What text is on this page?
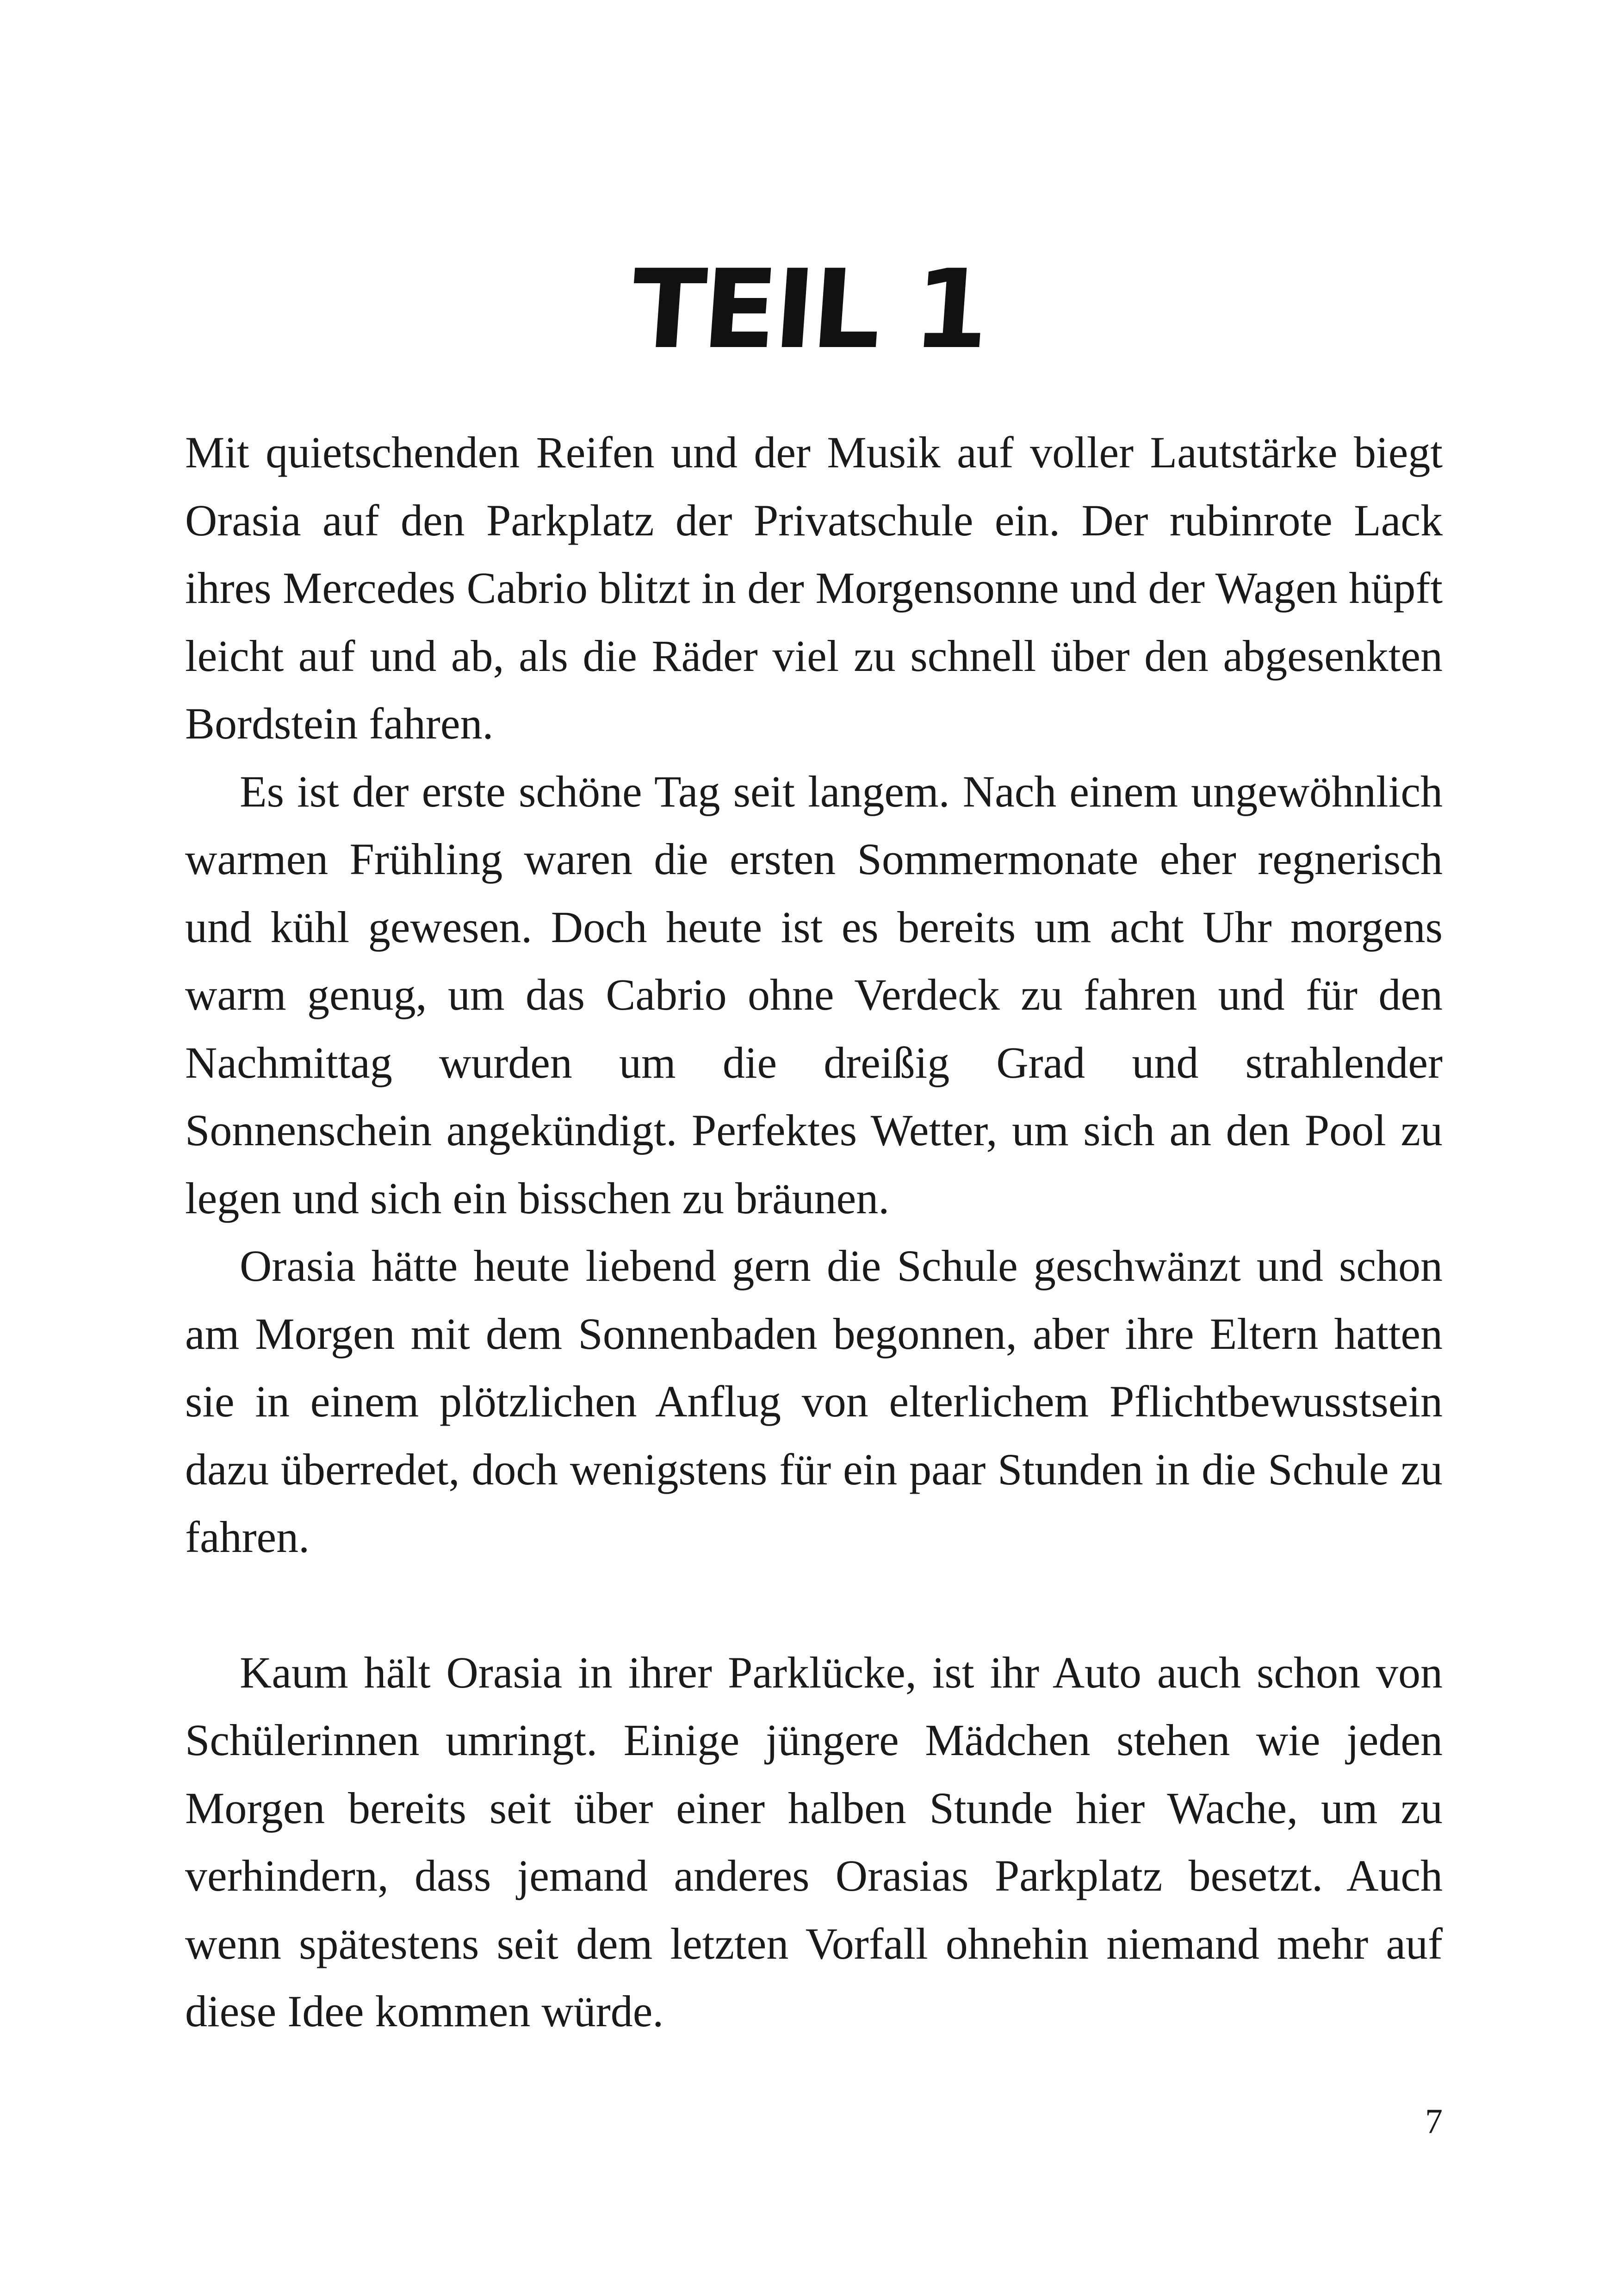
TEIL 1

Mit quietschenden Reifen und der Musik auf voller Lautstärke biegt Orasia auf den Parkplatz der Privatschule ein. Der rubinrote Lack ihres Mercedes Cabrio blitzt in der Morgensonne und der Wagen hüpft leicht auf und ab, als die Räder viel zu schnell über den abgesenkten Bordstein fahren.

Es ist der erste schöne Tag seit langem. Nach einem ungewöhnlich warmen Frühling waren die ersten Sommermonate eher regnerisch und kühl gewesen. Doch heute ist es bereits um acht Uhr morgens warm genug, um das Cabrio ohne Verdeck zu fahren und für den Nachmittag wurden um die dreißig Grad und strahlender Sonnenschein angekündigt. Perfektes Wetter, um sich an den Pool zu legen und sich ein bisschen zu bräunen.

Orasia hätte heute liebend gern die Schule geschwänzt und schon am Morgen mit dem Sonnenbaden begonnen, aber ihre Eltern hatten sie in einem plötzlichen Anflug von elterlichem Pflichtbewusstsein dazu überredet, doch wenigstens für ein paar Stunden in die Schule zu fahren.

Kaum hält Orasia in ihrer Parklücke, ist ihr Auto auch schon von Schülerinnen umringt. Einige jüngere Mädchen stehen wie jeden Morgen bereits seit über einer halben Stunde hier Wache, um zu verhindern, dass jemand anderes Orasias Parkplatz besetzt. Auch wenn spätestens seit dem letzten Vorfall ohnehin niemand mehr auf diese Idee kommen würde.

7
